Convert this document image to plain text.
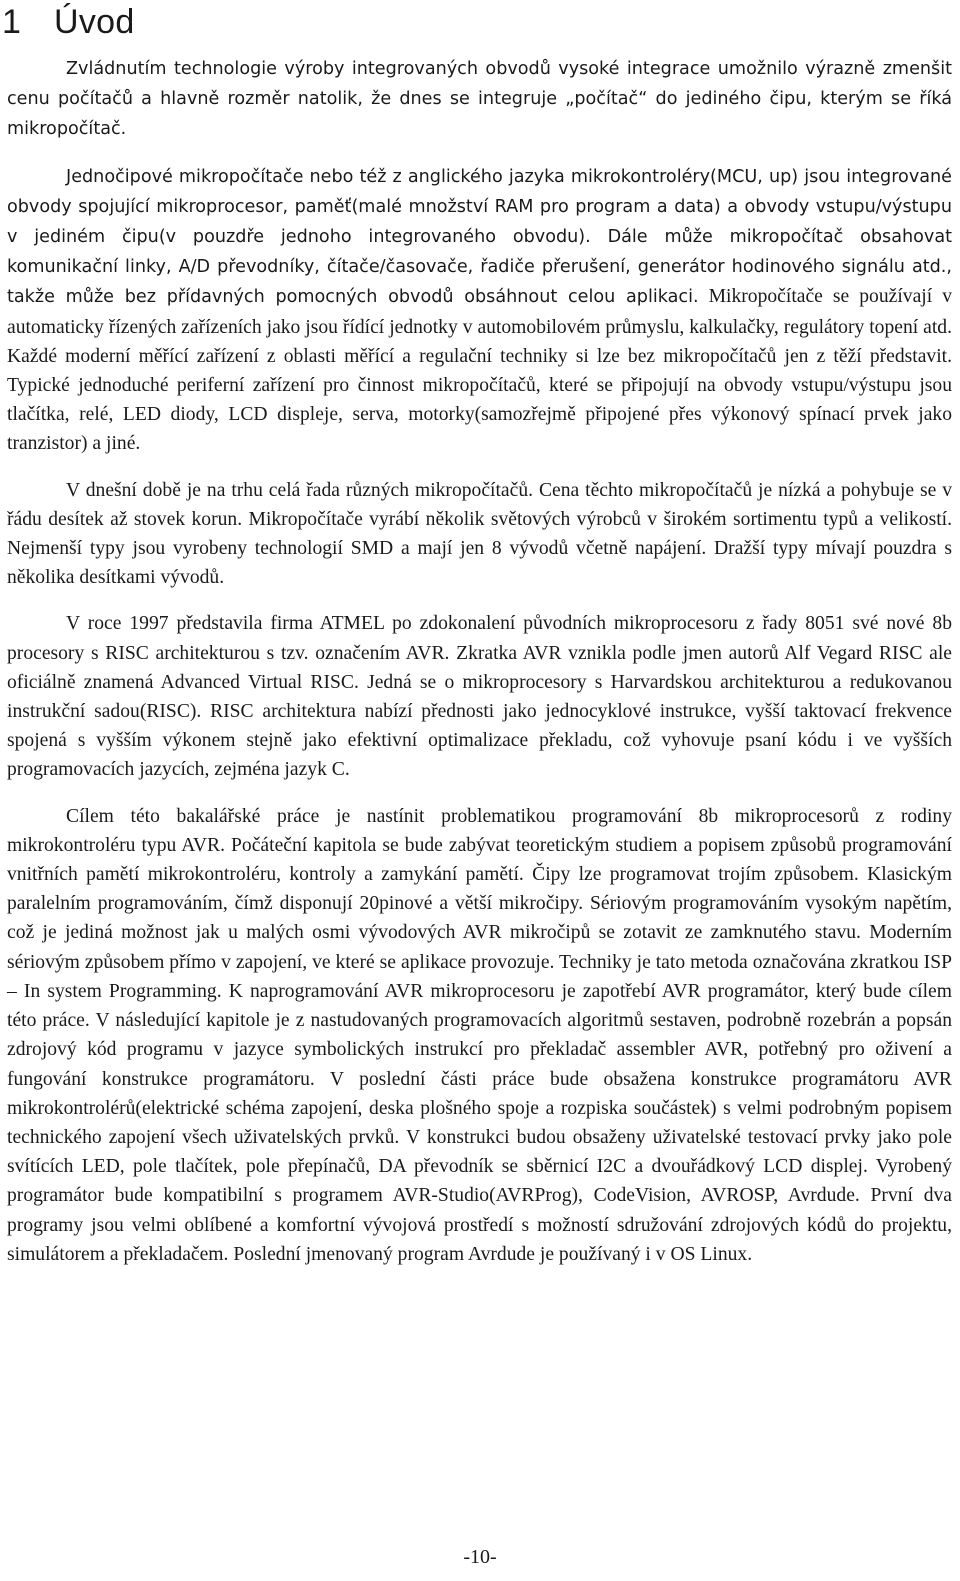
1 Úvod

Zvládnutím technologie výroby integrovaných obvodů vysoké integrace umožnilo výrazně zmenšit cenu počítačů a hlavně rozměr natolik, že dnes se integruje „počítač“ do jediného čipu, kterým se říká mikropočítač.

Jednočipové mikropočítače nebo též z anglického jazyka mikrokontroléry(MCU, up) jsou integrované obvody spojující mikroprocesor, paměť(malé množství RAM pro program a data) a obvody vstupu/výstupu v jediném čipu(v pouzdře jednoho integrovaného obvodu). Dále může mikropočítač obsahovat komunikační linky, A/D převodníky, čítače/časovače, řadiče přerušení, generátor hodinového signálu atd., takže může bez přídavných pomocných obvodů obsáhnout celou aplikaci. Mikropočítače se používají v automaticky řízených zařízeních jako jsou řídící jednotky v automobilovém průmyslu, kalkulačky, regulátory topení atd. Každé moderní měřící zařízení z oblasti měřící a regulační techniky si lze bez mikropočítačů jen z těží představit. Typické jednoduché periferní zařízení pro činnost mikropočítačů, které se připojují na obvody vstupu/výstupu jsou tlačítka, relé, LED diody, LCD displeje, serva, motorky(samozřejmě připojené přes výkonový spínací prvek jako tranzistor) a jiné.

V dnešní době je na trhu celá řada různých mikropočítačů. Cena těchto mikropočítačů je nízká a pohybuje se v řádu desítek až stovek korun. Mikropočítače vyrábí několik světových výrobců v širokém sortimentu typů a velikostí. Nejmenší typy jsou vyrobeny technologií SMD a mají jen 8 vývodů včetně napájení. Dražší typy mívají pouzdra s několika desítkami vývodů.

V roce 1997 představila firma ATMEL po zdokonalení původních mikroprocesoru z řady 8051 své nové 8b procesory s RISC architekturou s tzv. označením AVR. Zkratka AVR vznikla podle jmen autorů Alf Vegard RISC ale oficiálně znamená Advanced Virtual RISC. Jedná se o mikroprocesory s Harvardskou architekturou a redukovanou instrukční sadou(RISC). RISC architektura nabízí přednosti jako jednocyklové instrukce, vyšší taktovací frekvence spojená s vyšším výkonem stejně jako efektivní optimalizace překladu, což vyhovuje psaní kódu i ve vyšších programovacích jazycích, zejména jazyk C.

Cílem této bakalářské práce je nastínit problematikou programování 8b mikroprocesorů z rodiny mikrokontroléru typu AVR. Počáteční kapitola se bude zabývat teoretickým studiem a popisem způsobů programování vnitřních pamětí mikrokontroléru, kontroly a zamykání pamětí. Čipy lze programovat trojím způsobem. Klasickým paralelním programováním, čímž disponují 20pinové a větší mikročipy. Sériovým programováním vysokým napětím, což je jediná možnost jak u malých osmi vývodových AVR mikročipů se zotavit ze zamknutého stavu. Moderním sériovým způsobem přímo v zapojení, ve které se aplikace provozuje. Techniky je tato metoda označována zkratkou ISP – In system Programming. K naprogramování AVR mikroprocesoru je zapotřebí AVR programátor, který bude cílem této práce. V následující kapitole je z nastudovaných programovacích algoritmů sestaven, podrobně rozebrán a popsán zdrojový kód programu v jazyce symbolických instrukcí pro překladač assembler AVR, potřebný pro oživení a fungování konstrukce programátoru. V poslední části práce bude obsažena konstrukce programátoru AVR mikrokontrolérů(elektrické schéma zapojení, deska plošného spoje a rozpiska součástek) s velmi podrobným popisem technického zapojení všech uživatelských prvků. V konstrukci budou obsaženy uživatelské testovací prvky jako pole svítících LED, pole tlačítek, pole přepínačů, DA převodník se sběrnicí I2C a dvouřádkový LCD displej. Vyrobený programátor bude kompatibilní s programem AVR-Studio(AVRProg), CodeVision, AVROSP, Avrdude. První dva programy jsou velmi oblíbené a komfortní vývojová prostředí s možností sdružování zdrojových kódů do projektu, simulátorem a překladačem. Poslední jmenovaný program Avrdude je používaný i v OS Linux.

-10-
